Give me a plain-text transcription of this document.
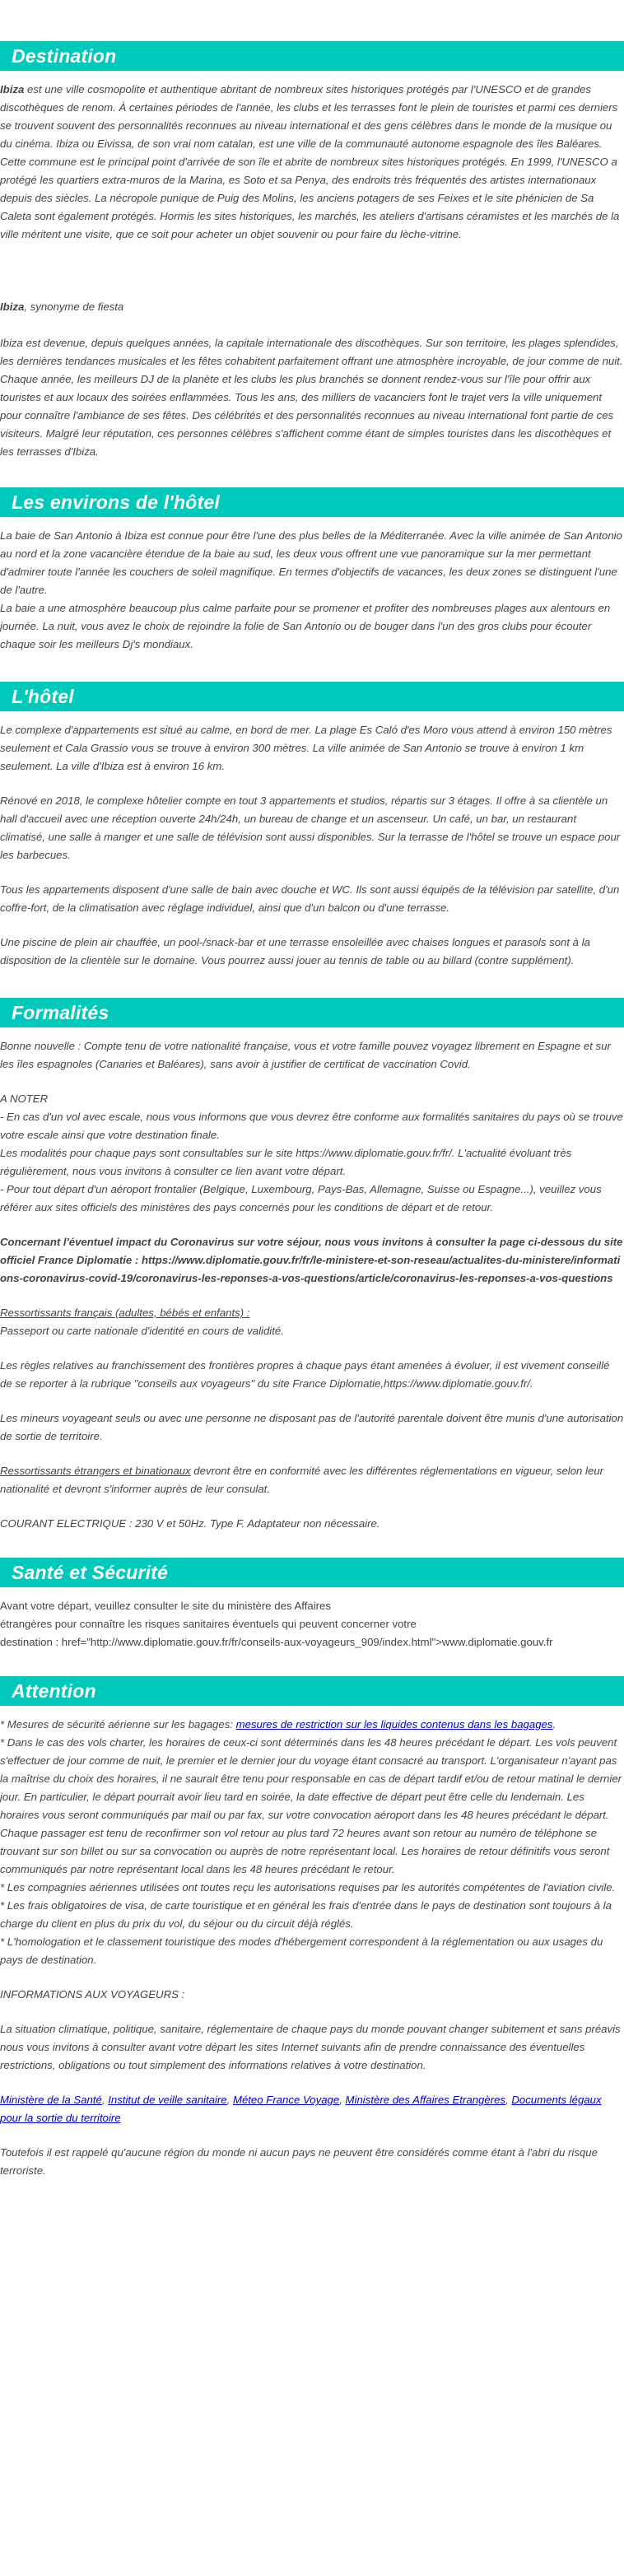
Destination

Ibiza est une ville cosmopolite et authentique abritant de nombreux sites historiques protégés par l'UNESCO et de grandes discothèques de renom. À certaines périodes de l'année, les clubs et les terrasses font le plein de touristes et parmi ces derniers se trouvent souvent des personnalités reconnues au niveau international et des gens célèbres dans le monde de la musique ou du cinéma. Ibiza ou Eivissa, de son vrai nom catalan, est une ville de la communauté autonome espagnole des îles Baléares. Cette commune est le principal point d'arrivée de son île et abrite de nombreux sites historiques protégés. En 1999, l'UNESCO a protégé les quartiers extra-muros de la Marina, es Soto et sa Penya, des endroits très fréquentés des artistes internationaux depuis des siècles. La nécropole punique de Puig des Molins, les anciens potagers de ses Feixes et le site phénicien de Sa Caleta sont également protégés. Hormis les sites historiques, les marchés, les ateliers d'artisans céramistes et les marchés de la ville méritent une visite, que ce soit pour acheter un objet souvenir ou pour faire du lèche-vitrine.

Ibiza, synonyme de fiesta

Ibiza est devenue, depuis quelques années, la capitale internationale des discothèques. Sur son territoire, les plages splendides, les dernières tendances musicales et les fêtes cohabitent parfaitement offrant une atmosphère incroyable, de jour comme de nuit. Chaque année, les meilleurs DJ de la planète et les clubs les plus branchés se donnent rendez-vous sur l'île pour offrir aux touristes et aux locaux des soirées enflammées. Tous les ans, des milliers de vacanciers font le trajet vers la ville uniquement pour connaître l'ambiance de ses fêtes. Des célébrités et des personnalités reconnues au niveau international font partie de ces visiteurs. Malgré leur réputation, ces personnes célèbres s'affichent comme étant de simples touristes dans les discothèques et les terrasses d'Ibiza.

Les environs de l'hôtel

La baie de San Antonio à Ibiza est connue pour être l'une des plus belles de la Méditerranée. Avec la ville animée de San Antonio au nord et la zone vacancière étendue de la baie au sud, les deux vous offrent une vue panoramique sur la mer permettant d'admirer toute l'année les couchers de soleil magnifique. En termes d'objectifs de vacances, les deux zones se distinguent l'une de l'autre.

La baie a une atmosphère beaucoup plus calme parfaite pour se promener et profiter des nombreuses plages aux alentours en journée. La nuit, vous avez le choix de rejoindre la folie de San Antonio ou de bouger dans l'un des gros clubs pour écouter chaque soir les meilleurs Dj's mondiaux.

L'hôtel

Le complexe d'appartements est situé au calme, en bord de mer. La plage Es Caló d'es Moro vous attend à environ 150 mètres seulement et Cala Grassio vous se trouve à environ 300 mètres. La ville animée de San Antonio se trouve à environ 1 km seulement. La ville d'Ibiza est à environ 16 km.

Rénové en 2018, le complexe hôtelier compte en tout 3 appartements et studios, répartis sur 3 étages. Il offre à sa clientèle un hall d'accueil avec une réception ouverte 24h/24h, un bureau de change et un ascenseur. Un café, un bar, un restaurant climatisé, une salle à manger et une salle de télévision sont aussi disponibles. Sur la terrasse de l'hôtel se trouve un espace pour les barbecues.

Tous les appartements disposent d'une salle de bain avec douche et WC. Ils sont aussi équipés de la télévision par satellite, d'un coffre-fort, de la climatisation avec réglage individuel, ainsi que d'un balcon ou d'une terrasse.

Une piscine de plein air chauffée, un pool-/snack-bar et une terrasse ensoleillée avec chaises longues et parasols sont à la disposition de la clientèle sur le domaine. Vous pourrez aussi jouer au tennis de table ou au billard (contre supplément).

Formalités

Bonne nouvelle : Compte tenu de votre nationalité française, vous et votre famille pouvez voyagez librement en Espagne et sur les îles espagnoles (Canaries et Baléares), sans avoir à justifier de certificat de vaccination Covid.

A NOTER

- En cas d'un vol avec escale, nous vous informons que vous devrez être conforme aux formalités sanitaires du pays où se trouve votre escale ainsi que votre destination finale.

Les modalités pour chaque pays sont consultables sur le site https://www.diplomatie.gouv.fr/fr/. L'actualité évoluant très régulièrement, nous vous invitons à consulter ce lien avant votre départ.

- Pour tout départ d'un aéroport frontalier (Belgique, Luxembourg, Pays-Bas, Allemagne, Suisse ou Espagne...), veuillez vous référer aux sites officiels des ministères des pays concernés pour les conditions de départ et de retour.

Concernant l'éventuel impact du Coronavirus sur votre séjour, nous vous invitons à consulter la page ci-dessous du site officiel France Diplomatie : https://www.diplomatie.gouv.fr/fr/le-ministere-et-son-reseau/actualites-du-ministere/informations-coronavirus-covid-19/coronavirus-les-reponses-a-vos-questions/article/coronavirus-les-reponses-a-vos-questions

Ressortissants français (adultes, bébés et enfants) :

Passeport ou carte nationale d'identité en cours de validité.

Les règles relatives au franchissement des frontières propres à chaque pays étant amenées à évoluer, il est vivement conseillé de se reporter à la rubrique "conseils aux voyageurs" du site France Diplomatie,https://www.diplomatie.gouv.fr/.

Les mineurs voyageant seuls ou avec une personne ne disposant pas de l'autorité parentale doivent être munis d'une autorisation de sortie de territoire.

Ressortissants étrangers et binationaux devront être en conformité avec les différentes réglementations en vigueur, selon leur nationalité et devront s'informer auprès de leur consulat.

COURANT ELECTRIQUE : 230 V et 50Hz. Type F. Adaptateur non nécessaire.

Santé et Sécurité

Avant votre départ, veuillez consulter le site du ministère des Affaires

étrangères pour connaître les risques sanitaires éventuels qui peuvent concerner votre

destination : href="http://www.diplomatie.gouv.fr/fr/conseils-aux-voyageurs_909/index.html">www.diplomatie.gouv.fr

Attention

* Mesures de sécurité aérienne sur les bagages: mesures de restriction sur les liquides contenus dans les bagages.

* Dans le cas des vols charter, les horaires de ceux-ci sont déterminés dans les 48 heures précédant le départ. Les vols peuvent s'effectuer de jour comme de nuit, le premier et le dernier jour du voyage étant consacré au transport. L'organisateur n'ayant pas la maîtrise du choix des horaires, il ne saurait être tenu pour responsable en cas de départ tardif et/ou de retour matinal le dernier jour. En particulier, le départ pourrait avoir lieu tard en soirée, la date effective de départ peut être celle du lendemain. Les horaires vous seront communiqués par mail ou par fax, sur votre convocation aéroport dans les 48 heures précédant le départ. Chaque passager est tenu de reconfirmer son vol retour au plus tard 72 heures avant son retour au numéro de téléphone se trouvant sur son billet ou sur sa convocation ou auprès de notre représentant local. Les horaires de retour définitifs vous seront communiqués par notre représentant local dans les 48 heures précédant le retour.

* Les compagnies aériennes utilisées ont toutes reçu les autorisations requises par les autorités compétentes de l'aviation civile.

* Les frais obligatoires de visa, de carte touristique et en général les frais d'entrée dans le pays de destination sont toujours à la charge du client en plus du prix du vol, du séjour ou du circuit déjà réglés.

* L'homologation et le classement touristique des modes d'hébergement correspondent à la réglementation ou aux usages du pays de destination.

INFORMATIONS AUX VOYAGEURS :

La situation climatique, politique, sanitaire, réglementaire de chaque pays du monde pouvant changer subitement et sans préavis nous vous invitons à consulter avant votre départ les sites Internet suivants afin de prendre connaissance des éventuelles restrictions, obligations ou tout simplement des informations relatives à votre destination.

Ministère de la Santé, Institut de veille sanitaire, Méteo France Voyage, Ministère des Affaires Etrangères, Documents légaux pour la sortie du territoire

Toutefois il est rappelé qu'aucune région du monde ni aucun pays ne peuvent être considérés comme étant à l'abri du risque terroriste.
